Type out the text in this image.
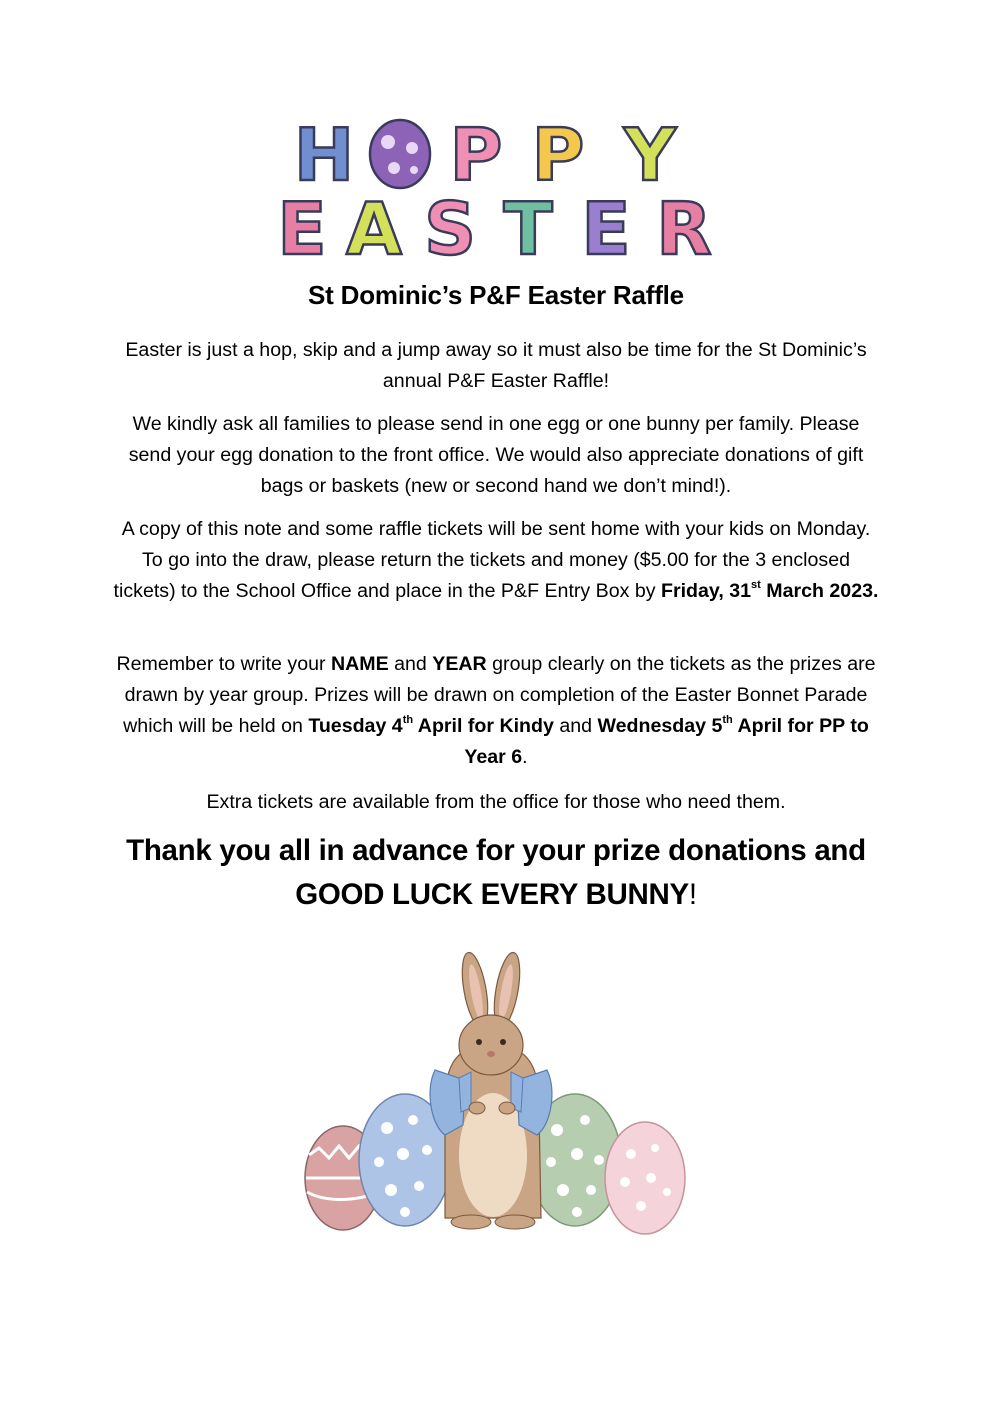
H P P Y
E A S T E R
St Dominic’s P&F Easter Raffle
Easter is just a hop, skip and a jump away so it must also be time for the St Dominic’s annual P&F Easter Raffle!
We kindly ask all families to please send in one egg or one bunny per family. Please send your egg donation to the front office. We would also appreciate donations of gift bags or baskets (new or second hand we don’t mind!).
A copy of this note and some raffle tickets will be sent home with your kids on Monday. To go into the draw, please return the tickets and money ($5.00 for the 3 enclosed tickets) to the School Office and place in the P&F Entry Box by Friday, 31st March 2023.
Remember to write your NAME and YEAR group clearly on the tickets as the prizes are drawn by year group. Prizes will be drawn on completion of the Easter Bonnet Parade which will be held on Tuesday 4th April for Kindy and Wednesday 5th April for PP to Year 6.
Extra tickets are available from the office for those who need them.
Thank you all in advance for your prize donations and
GOOD LUCK EVERY BUNNY!
